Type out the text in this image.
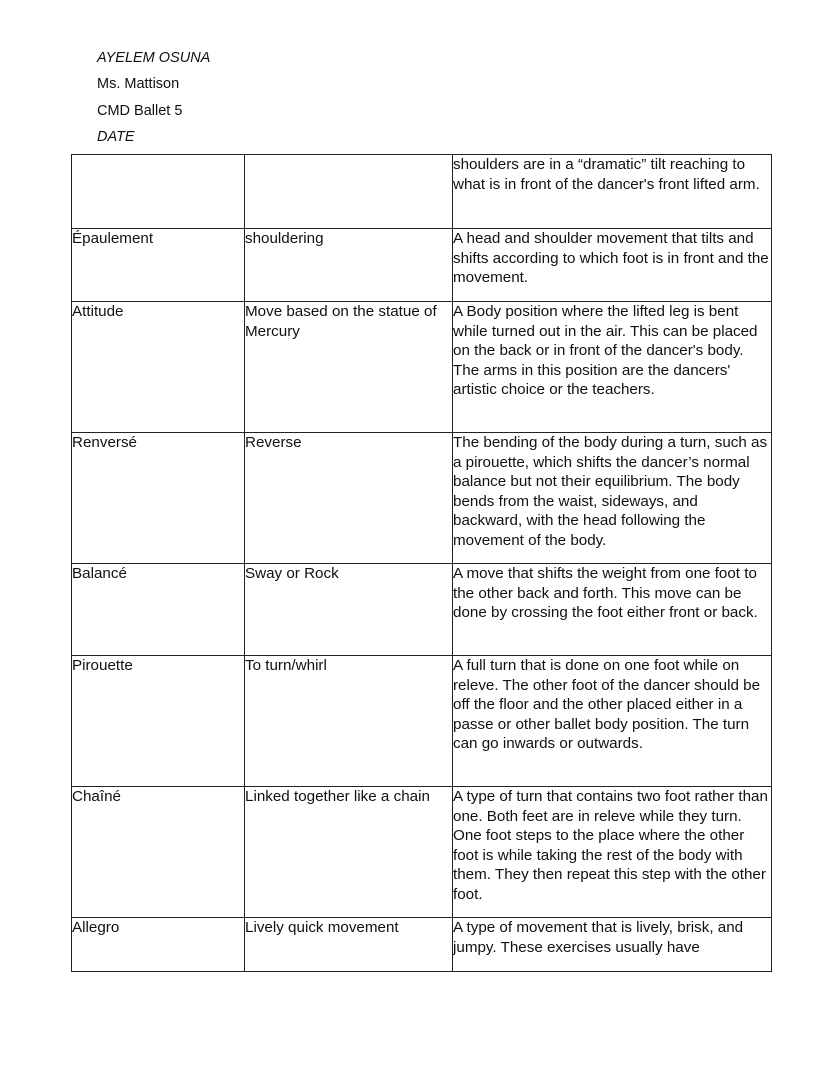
AYELEM OSUNA
Ms. Mattison
CMD Ballet 5
DATE
		shoulders are in a “dramatic” tilt reaching to what is in front of the dancer's front lifted arm.
Épaulement	shouldering	A head and shoulder movement that tilts and shifts according to which foot is in front and the movement.
Attitude	Move based on the statue of Mercury	A Body position where the lifted leg is bent while turned out in the air. This can be placed on the back or in front of the dancer's body. The arms in this position are the dancers' artistic choice or the teachers.
Renversé	Reverse	The bending of the body during a turn, such as a pirouette, which shifts the dancer’s normal balance but not their equilibrium. The body bends from the waist, sideways, and backward, with the head following the movement of the body.
Balancé	Sway or Rock	A move that shifts the weight from one foot to the other back and forth. This move can be done by crossing the foot either front or back.
Pirouette	To turn/whirl	A full turn that is done on one foot while on releve. The other foot of the dancer should be off the floor and the other placed either in a passe or other ballet body position. The turn can go inwards or outwards.
Chaîné	Linked together like a chain	A type of turn that contains two foot rather than one. Both feet are in releve while they turn. One foot steps to the place where the other foot is while taking the rest of the body with them. They then repeat this step with the other foot.
Allegro	Lively quick movement	A type of movement that is lively, brisk, and jumpy. These exercises usually have
